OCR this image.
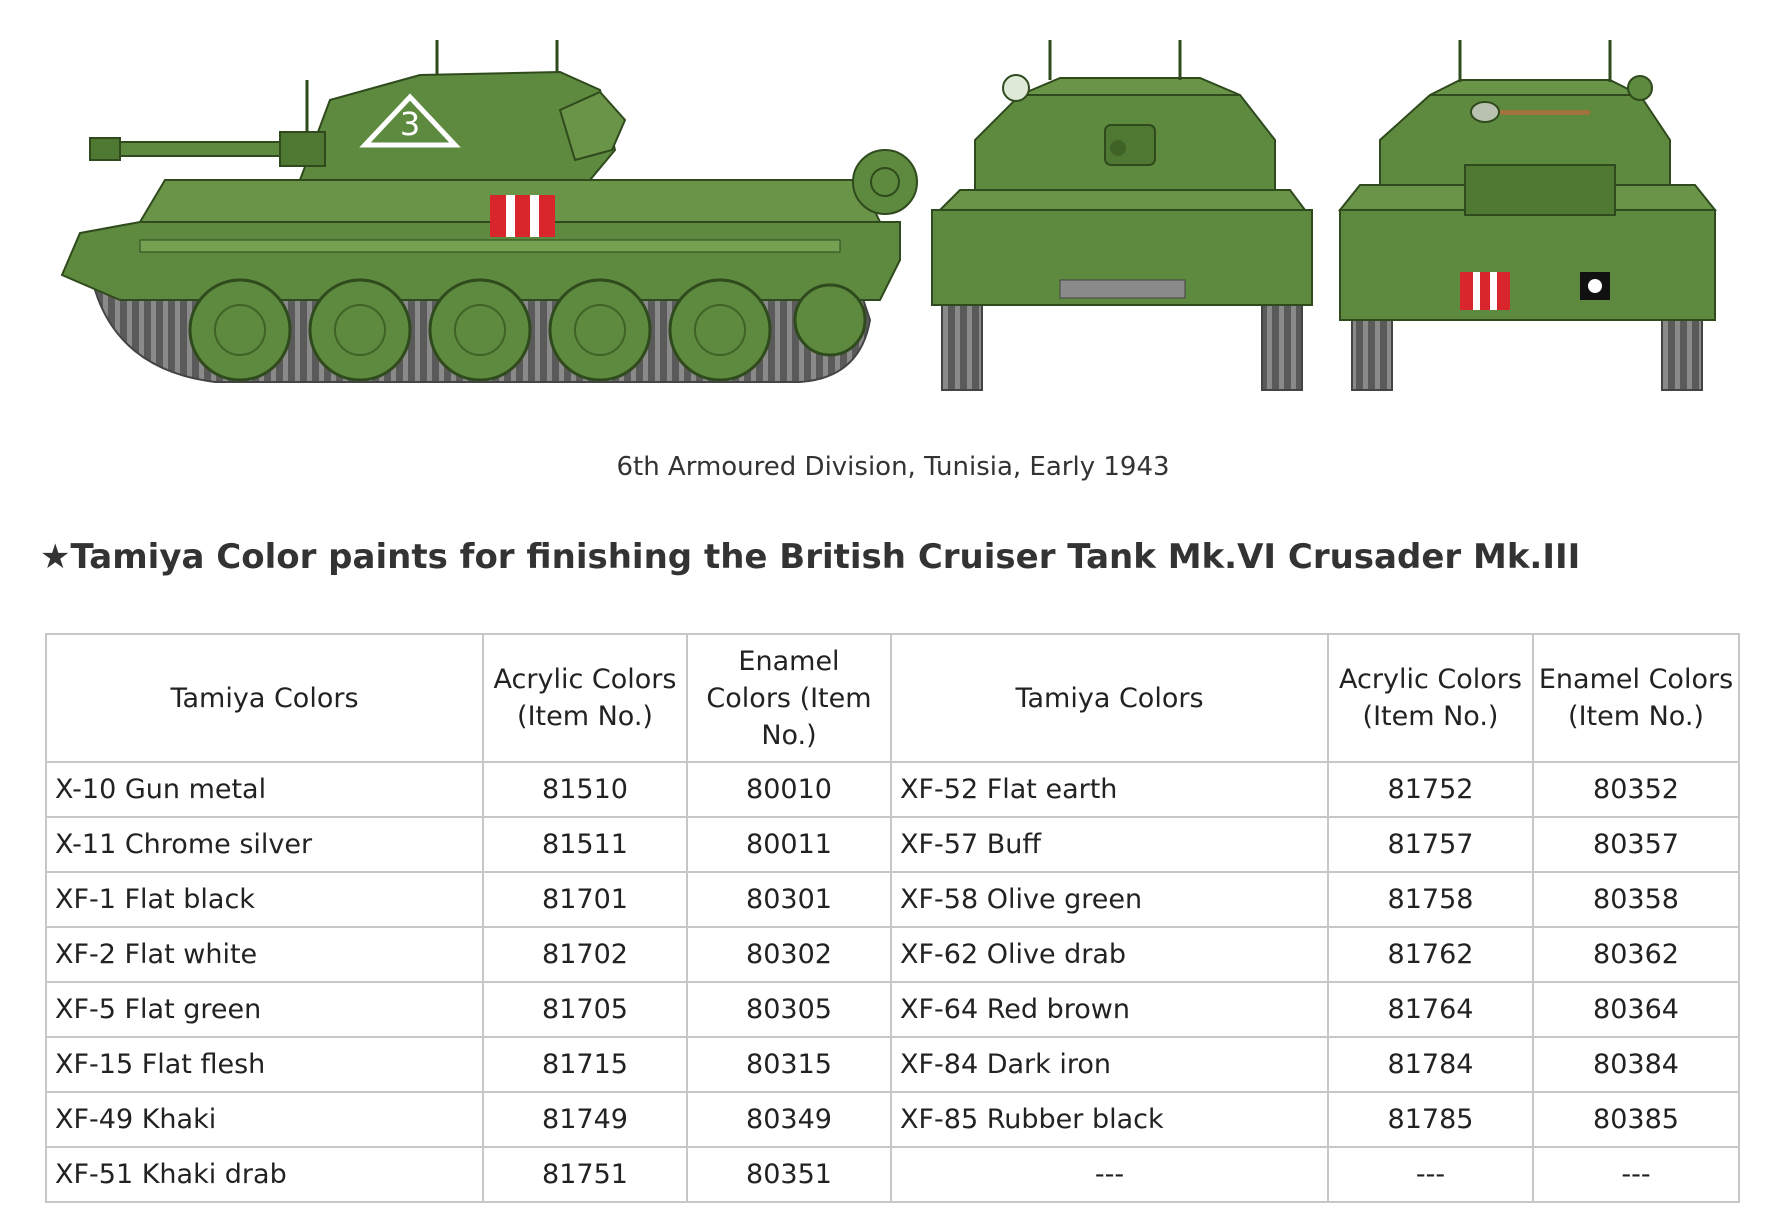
3
6th Armoured Division, Tunisia, Early 1943
★Tamiya Color paints for finishing the British Cruiser Tank Mk.VI Crusader Mk.III
Tamiya Colors	Acrylic Colors (Item No.)	Enamel Colors (Item No.)	Tamiya Colors	Acrylic Colors (Item No.)	Enamel Colors (Item No.)
X-10 Gun metal	81510	80010	XF-52 Flat earth	81752	80352
X-11 Chrome silver	81511	80011	XF-57 Buff	81757	80357
XF-1 Flat black	81701	80301	XF-58 Olive green	81758	80358
XF-2 Flat white	81702	80302	XF-62 Olive drab	81762	80362
XF-5 Flat green	81705	80305	XF-64 Red brown	81764	80364
XF-15 Flat flesh	81715	80315	XF-84 Dark iron	81784	80384
XF-49 Khaki	81749	80349	XF-85 Rubber black	81785	80385
XF-51 Khaki drab	81751	80351	---	---	---
